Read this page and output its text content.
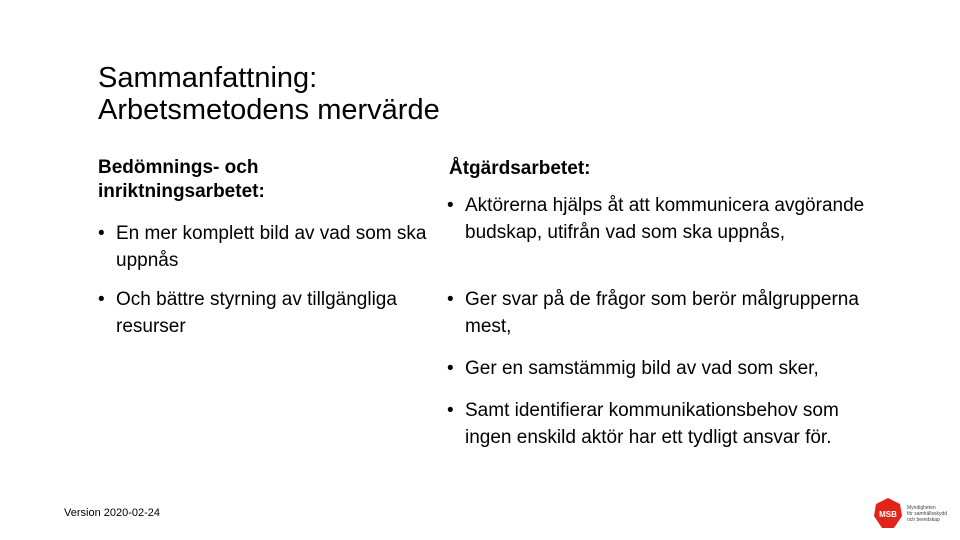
Sammanfattning:
Arbetsmetodens mervärde
Bedömnings- och
inriktningsarbetet:
• En mer komplett bild av vad som ska uppnås
• Och bättre styrning av tillgängliga resurser
Åtgärdsarbetet:
• Aktörerna hjälps åt att kommunicera avgörande budskap, utifrån vad som ska uppnås,
• Ger svar på de frågor som berör målgrupperna mest,
• Ger en samstämmig bild av vad som sker,
• Samt identifierar kommunikationsbehov som ingen enskild aktör har ett tydligt ansvar för.
Version 2020-02-24	MSB
Myndigheten
för samhällsskydd
och beredskap
